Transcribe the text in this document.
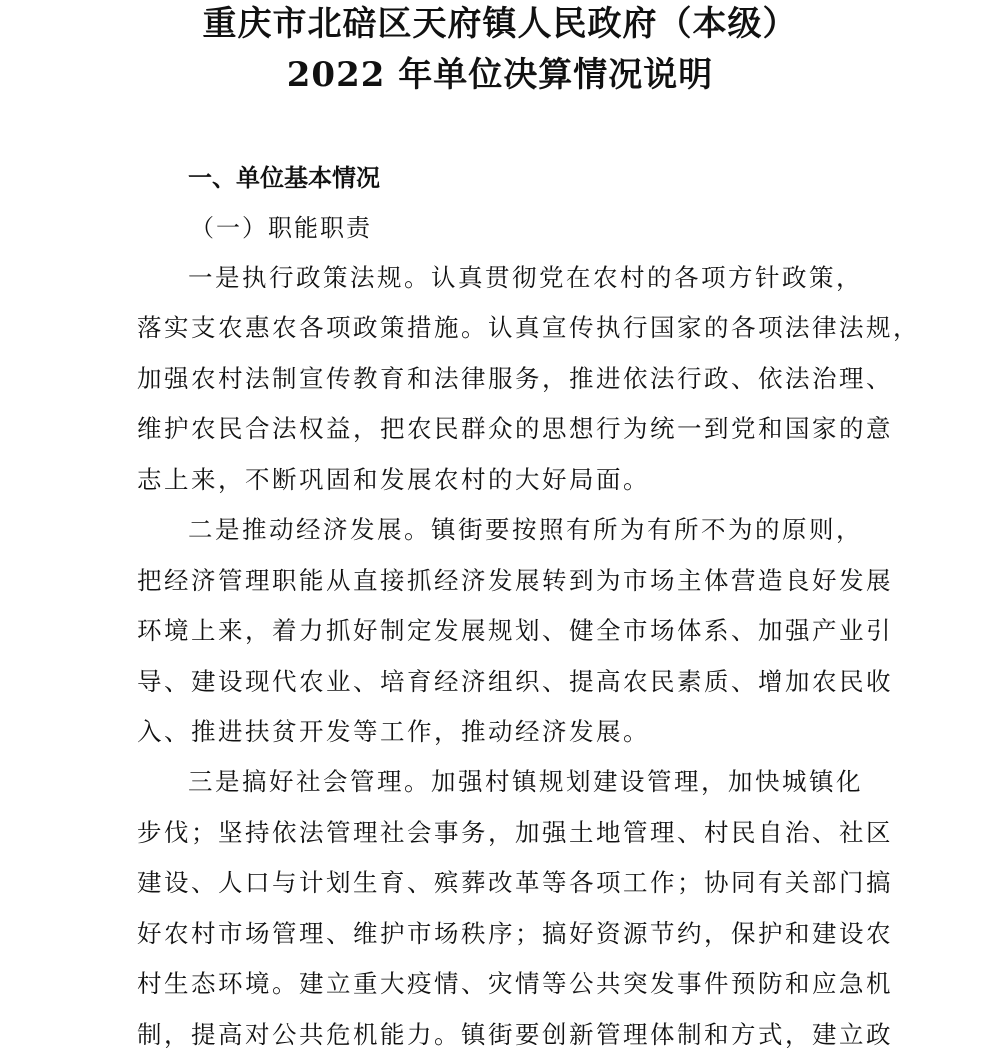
重庆市北碚区天府镇人民政府（本级）
2022 年单位决算情况说明
一、单位基本情况
（一）职能职责
一是执行政策法规。认真贯彻党在农村的各项方针政策，
落实支农惠农各项政策措施。认真宣传执行国家的各项法律法规，
加强农村法制宣传教育和法律服务，推进依法行政、依法治理、
维护农民合法权益，把农民群众的思想行为统一到党和国家的意
志上来，不断巩固和发展农村的大好局面。
二是推动经济发展。镇街要按照有所为有所不为的原则，
把经济管理职能从直接抓经济发展转到为市场主体营造良好发展
环境上来，着力抓好制定发展规划、健全市场体系、加强产业引
导、建设现代农业、培育经济组织、提高农民素质、增加农民收
入、推进扶贫开发等工作，推动经济发展。
三是搞好社会管理。加强村镇规划建设管理，加快城镇化
步伐；坚持依法管理社会事务，加强土地管理、村民自治、社区
建设、人口与计划生育、殡葬改革等各项工作；协同有关部门搞
好农村市场管理、维护市场秩序；搞好资源节约，保护和建设农
村生态环境。建立重大疫情、灾情等公共突发事件预防和应急机
制，提高对公共危机能力。镇街要创新管理体制和方式，建立政
